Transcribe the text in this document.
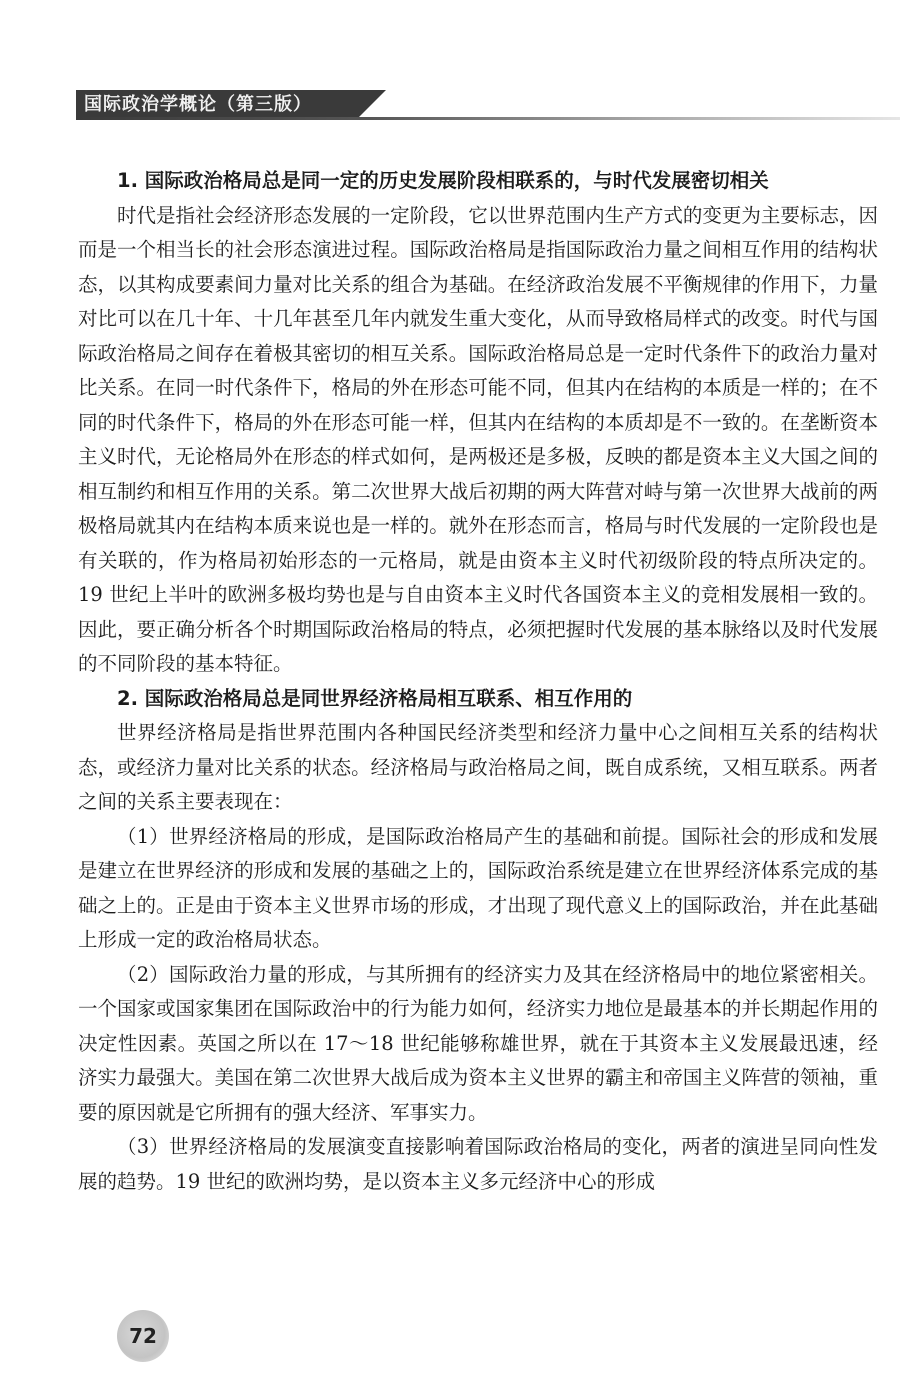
国际政治学概论（第三版）
1. 国际政治格局总是同一定的历史发展阶段相联系的，与时代发展密切相关

时代是指社会经济形态发展的一定阶段，它以世界范围内生产方式的变更为主要标志，因而是一个相当长的社会形态演进过程。国际政治格局是指国际政治力量之间相互作用的结构状态，以其构成要素间力量对比关系的组合为基础。在经济政治发展不平衡规律的作用下，力量对比可以在几十年、十几年甚至几年内就发生重大变化，从而导致格局样式的改变。时代与国际政治格局之间存在着极其密切的相互关系。国际政治格局总是一定时代条件下的政治力量对比关系。在同一时代条件下，格局的外在形态可能不同，但其内在结构的本质是一样的；在不同的时代条件下，格局的外在形态可能一样，但其内在结构的本质却是不一致的。在垄断资本主义时代，无论格局外在形态的样式如何，是两极还是多极，反映的都是资本主义大国之间的相互制约和相互作用的关系。第二次世界大战后初期的两大阵营对峙与第一次世界大战前的两极格局就其内在结构本质来说也是一样的。就外在形态而言，格局与时代发展的一定阶段也是有关联的，作为格局初始形态的一元格局，就是由资本主义时代初级阶段的特点所决定的。19 世纪上半叶的欧洲多极均势也是与自由资本主义时代各国资本主义的竞相发展相一致的。因此，要正确分析各个时期国际政治格局的特点，必须把握时代发展的基本脉络以及时代发展的不同阶段的基本特征。

2. 国际政治格局总是同世界经济格局相互联系、相互作用的

世界经济格局是指世界范围内各种国民经济类型和经济力量中心之间相互关系的结构状态，或经济力量对比关系的状态。经济格局与政治格局之间，既自成系统，又相互联系。两者之间的关系主要表现在：

（1）世界经济格局的形成，是国际政治格局产生的基础和前提。国际社会的形成和发展是建立在世界经济的形成和发展的基础之上的，国际政治系统是建立在世界经济体系完成的基础之上的。正是由于资本主义世界市场的形成，才出现了现代意义上的国际政治，并在此基础上形成一定的政治格局状态。

（2）国际政治力量的形成，与其所拥有的经济实力及其在经济格局中的地位紧密相关。一个国家或国家集团在国际政治中的行为能力如何，经济实力地位是最基本的并长期起作用的决定性因素。英国之所以在 17～18 世纪能够称雄世界，就在于其资本主义发展最迅速，经济实力最强大。美国在第二次世界大战后成为资本主义世界的霸主和帝国主义阵营的领袖，重要的原因就是它所拥有的强大经济、军事实力。

（3）世界经济格局的发展演变直接影响着国际政治格局的变化，两者的演进呈同向性发展的趋势。19 世纪的欧洲均势，是以资本主义多元经济中心的形成

72
